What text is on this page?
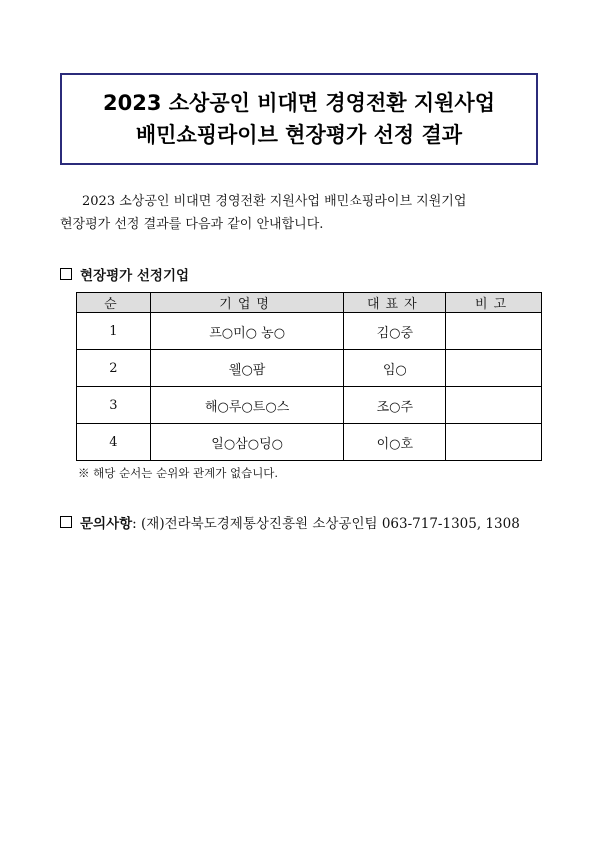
2023 소상공인 비대면 경영전환 지원사업
배민쇼핑라이브 현장평가 선정 결과
2023 소상공인 비대면 경영전환 지원사업 배민쇼핑라이브 지원기업
현장평가 선정 결과를 다음과 같이 안내합니다.
현장평가 선정기업
순	기업명	대표자	비고
1	프○미○ 농○	김○중	
2	웰○팜	임○	
3	해○루○트○스	조○주	
4	일○삼○딩○	이○호	
※ 해당 순서는 순위와 관계가 없습니다.
문의사항 : (재)전라북도경제통상진흥원 소상공인팀 063-717-1305, 1308
